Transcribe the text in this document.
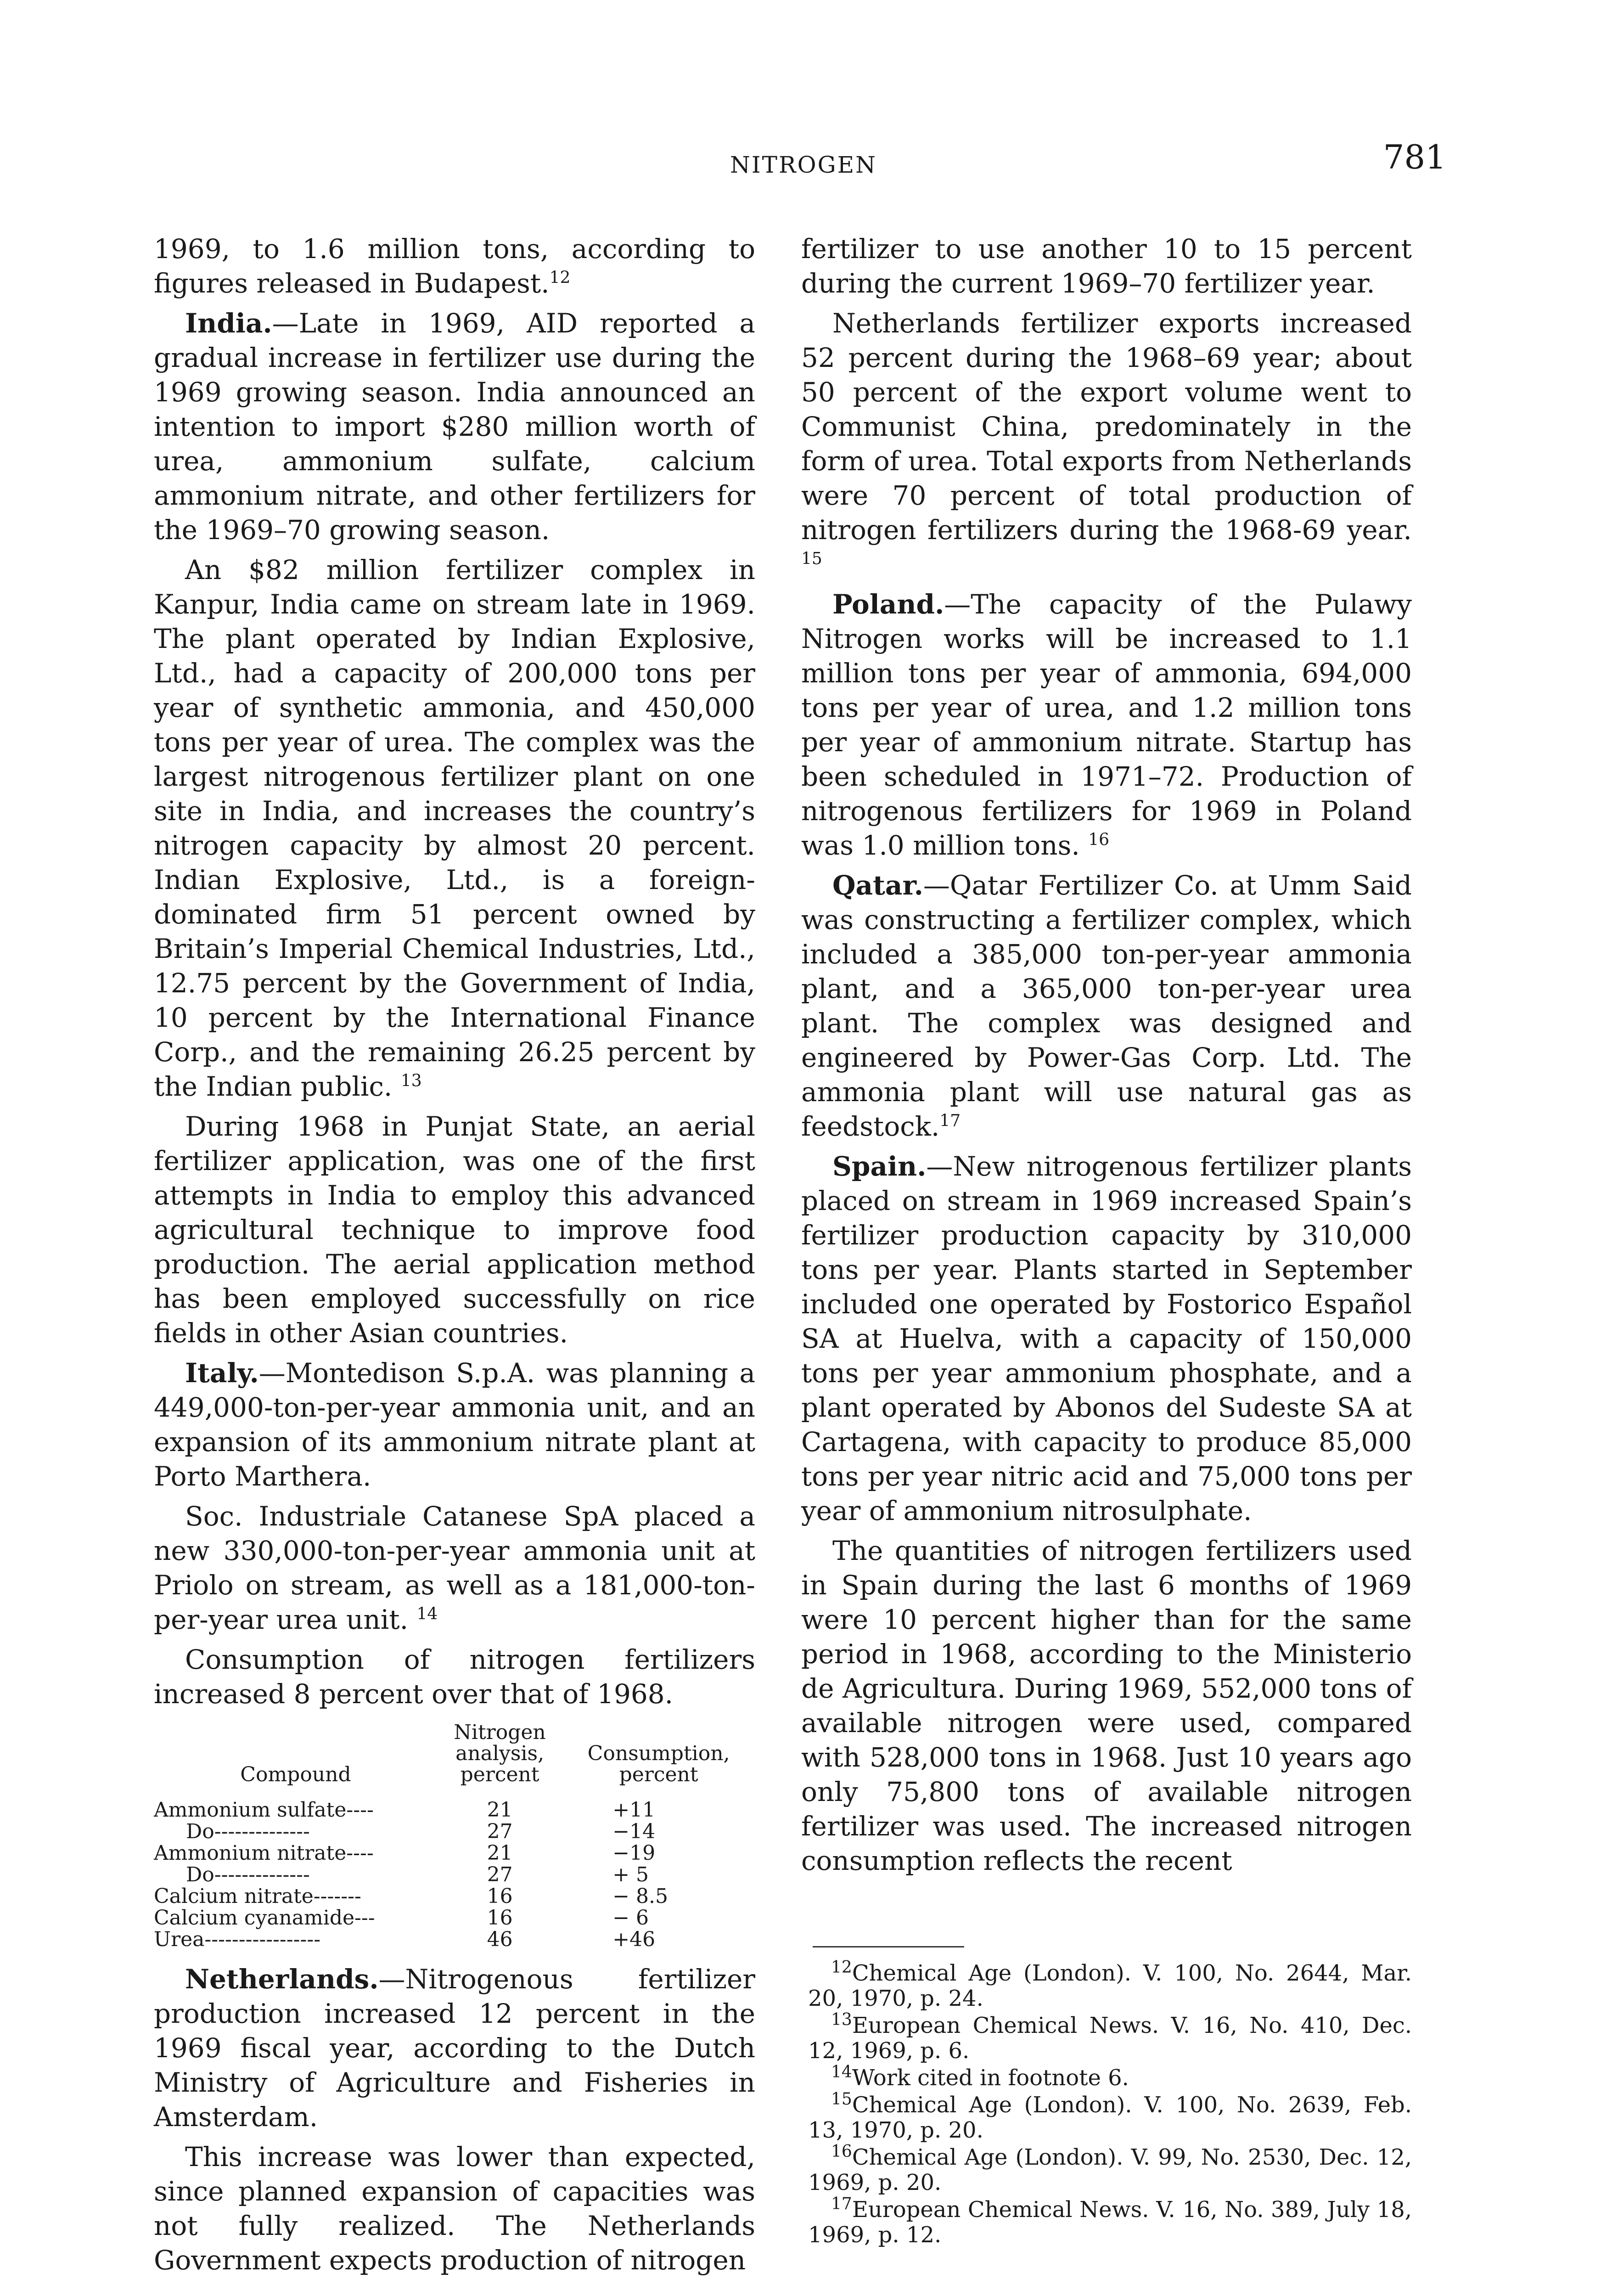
NITROGEN	781

1969, to 1.6 million tons, according to figures released in Budapest.$^{12}$

India.—Late in 1969, AID reported a gradual increase in fertilizer use during the 1969 growing season. India announced an intention to import $280 million worth of urea, ammonium sulfate, calcium ammonium nitrate, and other fertilizers for the 1969–70 growing season.

An $82 million fertilizer complex in Kanpur, India came on stream late in 1969. The plant operated by Indian Explosive, Ltd., had a capacity of 200,000 tons per year of synthetic ammonia, and 450,000 tons per year of urea. The complex was the largest nitrogenous fertilizer plant on one site in India, and increases the country’s nitrogen capacity by almost 20 percent. Indian Explosive, Ltd., is a foreign-dominated firm 51 percent owned by Britain’s Imperial Chemical Industries, Ltd., 12.75 percent by the Government of India, 10 percent by the International Finance Corp., and the remaining 26.25 percent by the Indian public. $^{13}$

During 1968 in Punjat State, an aerial fertilizer application, was one of the first attempts in India to employ this advanced agricultural technique to improve food production. The aerial application method has been employed successfully on rice fields in other Asian countries.

Italy.—Montedison S.p.A. was planning a 449,000-ton-per-year ammonia unit, and an expansion of its ammonium nitrate plant at Porto Marthera.

Soc. Industriale Catanese SpA placed a new 330,000-ton-per-year ammonia unit at Priolo on stream, as well as a 181,000-ton-per-year urea unit. $^{14}$

Consumption of nitrogen fertilizers increased 8 percent over that of 1968.

Compound	Nitrogen analysis, percent	Consumption, percent
Ammonium sulfate----	21	+11
Do--------------	27	−14
Ammonium nitrate----	21	−19
Do--------------	27	+ 5
Calcium nitrate-------	16	− 8.5
Calcium cyanamide---	16	− 6
Urea-----------------	46	+46

Netherlands.—Nitrogenous fertilizer production increased 12 percent in the 1969 fiscal year, according to the Dutch Ministry of Agriculture and Fisheries in Amsterdam.

This increase was lower than expected, since planned expansion of capacities was not fully realized. The Netherlands Government expects production of nitrogen

fertilizer to use another 10 to 15 percent during the current 1969–70 fertilizer year.

Netherlands fertilizer exports increased 52 percent during the 1968–69 year; about 50 percent of the export volume went to Communist China, predominately in the form of urea. Total exports from Netherlands were 70 percent of total production of nitrogen fertilizers during the 1968-69 year. $^{15}$

Poland.—The capacity of the Pulawy Nitrogen works will be increased to 1.1 million tons per year of ammonia, 694,000 tons per year of urea, and 1.2 million tons per year of ammonium nitrate. Startup has been scheduled in 1971–72. Production of nitrogenous fertilizers for 1969 in Poland was 1.0 million tons. $^{16}$

Qatar.—Qatar Fertilizer Co. at Umm Said was constructing a fertilizer complex, which included a 385,000 ton-per-year ammonia plant, and a 365,000 ton-per-year urea plant. The complex was designed and engineered by Power-Gas Corp. Ltd. The ammonia plant will use natural gas as feedstock.$^{17}$

Spain.—New nitrogenous fertilizer plants placed on stream in 1969 increased Spain’s fertilizer production capacity by 310,000 tons per year. Plants started in September included one operated by Fostorico Español SA at Huelva, with a capacity of 150,000 tons per year ammonium phosphate, and a plant operated by Abonos del Sudeste SA at Cartagena, with capacity to produce 85,000 tons per year nitric acid and 75,000 tons per year of ammonium nitrosulphate.

The quantities of nitrogen fertilizers used in Spain during the last 6 months of 1969 were 10 percent higher than for the same period in 1968, according to the Ministerio de Agricultura. During 1969, 552,000 tons of available nitrogen were used, compared with 528,000 tons in 1968. Just 10 years ago only 75,800 tons of available nitrogen fertilizer was used. The increased nitrogen consumption reflects the recent

$^{12}$Chemical Age (London). V. 100, No. 2644, Mar. 20, 1970, p. 24.

$^{13}$European Chemical News. V. 16, No. 410, Dec. 12, 1969, p. 6.

$^{14}$Work cited in footnote 6.

$^{15}$Chemical Age (London). V. 100, No. 2639, Feb. 13, 1970, p. 20.

$^{16}$Chemical Age (London). V. 99, No. 2530, Dec. 12, 1969, p. 20.

$^{17}$European Chemical News. V. 16, No. 389, July 18, 1969, p. 12.
